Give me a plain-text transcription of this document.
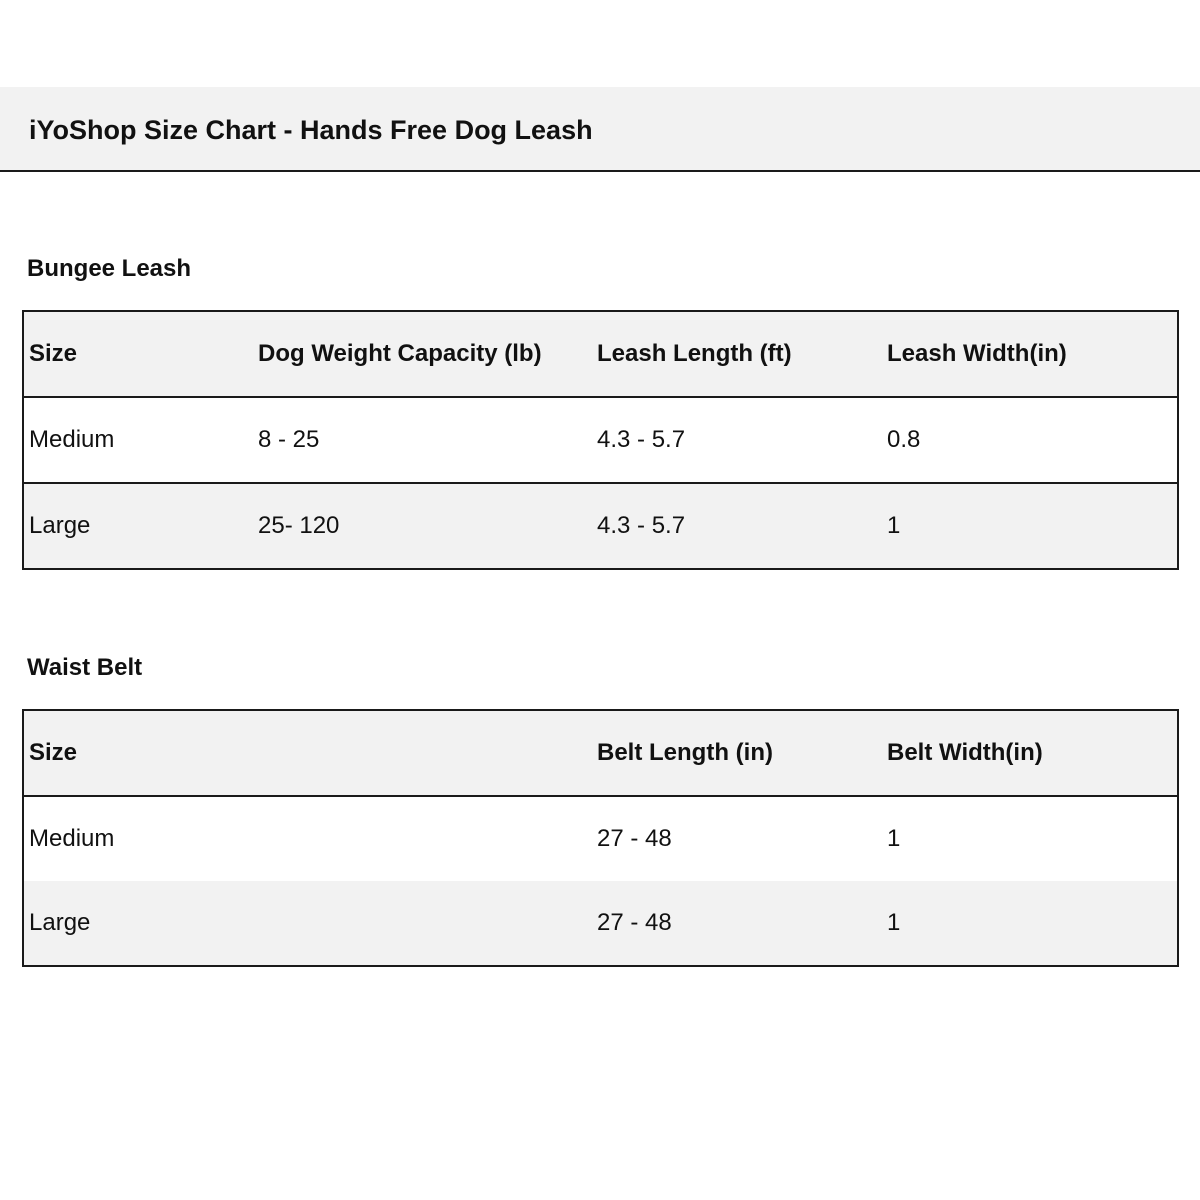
iYoShop Size Chart - Hands Free Dog Leash
Bungee Leash
Size	Dog Weight Capacity (lb)	Leash Length (ft)	Leash Width(in)
Medium	8 - 25	4.3 - 5.7	0.8
Large	25- 120	4.3 - 5.7	1
Waist Belt
Size		Belt Length (in)	Belt Width(in)
Medium		27 - 48	1
Large		27 - 48	1
